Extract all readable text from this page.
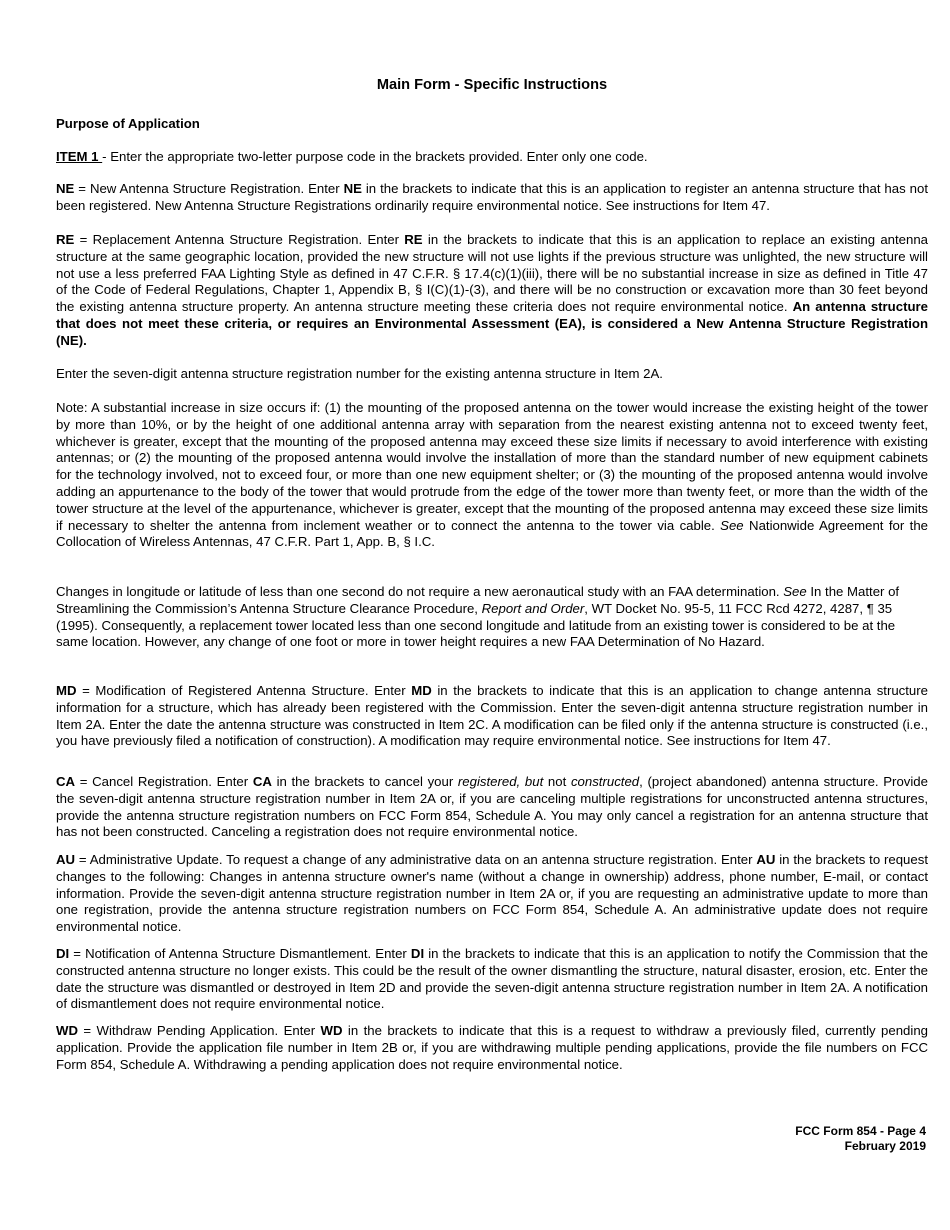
Main Form - Specific Instructions
Purpose of Application

ITEM 1 - Enter the appropriate two-letter purpose code in the brackets provided. Enter only one code.

NE = New Antenna Structure Registration. Enter NE in the brackets to indicate that this is an application to register an antenna structure that has not been registered. New Antenna Structure Registrations ordinarily require environmental notice. See instructions for Item 47.

RE = Replacement Antenna Structure Registration. Enter RE in the brackets to indicate that this is an application to replace an existing antenna structure at the same geographic location, provided the new structure will not use lights if the previous structure was unlighted, the new structure will not use a less preferred FAA Lighting Style as defined in 47 C.F.R. § 17.4(c)(1)(iii), there will be no substantial increase in size as defined in Title 47 of the Code of Federal Regulations, Chapter 1, Appendix B, § I(C)(1)-(3), and there will be no construction or excavation more than 30 feet beyond the existing antenna structure property. An antenna structure meeting these criteria does not require environmental notice. An antenna structure that does not meet these criteria, or requires an Environmental Assessment (EA), is considered a New Antenna Structure Registration (NE).

Enter the seven-digit antenna structure registration number for the existing antenna structure in Item 2A.

Note: A substantial increase in size occurs if: (1) the mounting of the proposed antenna on the tower would increase the existing height of the tower by more than 10%, or by the height of one additional antenna array with separation from the nearest existing antenna not to exceed twenty feet, whichever is greater, except that the mounting of the proposed antenna may exceed these size limits if necessary to avoid interference with existing antennas; or (2) the mounting of the proposed antenna would involve the installation of more than the standard number of new equipment cabinets for the technology involved, not to exceed four, or more than one new equipment shelter; or (3) the mounting of the proposed antenna would involve adding an appurtenance to the body of the tower that would protrude from the edge of the tower more than twenty feet, or more than the width of the tower structure at the level of the appurtenance, whichever is greater, except that the mounting of the proposed antenna may exceed these size limits if necessary to shelter the antenna from inclement weather or to connect the antenna to the tower via cable. See Nationwide Agreement for the Collocation of Wireless Antennas, 47 C.F.R. Part 1, App. B, § I.C.

Changes in longitude or latitude of less than one second do not require a new aeronautical study with an FAA determination. See In the Matter of Streamlining the Commission’s Antenna Structure Clearance Procedure, Report and Order, WT Docket No. 95-5, 11 FCC Rcd 4272, 4287, ¶ 35 (1995). Consequently, a replacement tower located less than one second longitude and latitude from an existing tower is considered to be at the same location. However, any change of one foot or more in tower height requires a new FAA Determination of No Hazard.

MD = Modification of Registered Antenna Structure. Enter MD in the brackets to indicate that this is an application to change antenna structure information for a structure, which has already been registered with the Commission. Enter the seven-digit antenna structure registration number in Item 2A. Enter the date the antenna structure was constructed in Item 2C. A modification can be filed only if the antenna structure is constructed (i.e., you have previously filed a notification of construction). A modification may require environmental notice. See instructions for Item 47.

CA = Cancel Registration. Enter CA in the brackets to cancel your registered, but not constructed, (project abandoned) antenna structure. Provide the seven-digit antenna structure registration number in Item 2A or, if you are canceling multiple registrations for unconstructed antenna structures, provide the antenna structure registration numbers on FCC Form 854, Schedule A. You may only cancel a registration for an antenna structure that has not been constructed. Canceling a registration does not require environmental notice.

AU = Administrative Update. To request a change of any administrative data on an antenna structure registration. Enter AU in the brackets to request changes to the following: Changes in antenna structure owner's name (without a change in ownership) address, phone number, E-mail, or contact information. Provide the seven-digit antenna structure registration number in Item 2A or, if you are requesting an administrative update to more than one registration, provide the antenna structure registration numbers on FCC Form 854, Schedule A. An administrative update does not require environmental notice.

DI = Notification of Antenna Structure Dismantlement. Enter DI in the brackets to indicate that this is an application to notify the Commission that the constructed antenna structure no longer exists. This could be the result of the owner dismantling the structure, natural disaster, erosion, etc. Enter the date the structure was dismantled or destroyed in Item 2D and provide the seven-digit antenna structure registration number in Item 2A. A notification of dismantlement does not require environmental notice.

WD = Withdraw Pending Application. Enter WD in the brackets to indicate that this is a request to withdraw a previously filed, currently pending application. Provide the application file number in Item 2B or, if you are withdrawing multiple pending applications, provide the file numbers on FCC Form 854, Schedule A. Withdrawing a pending application does not require environmental notice.

FCC Form 854 - Page 4
February 2019
